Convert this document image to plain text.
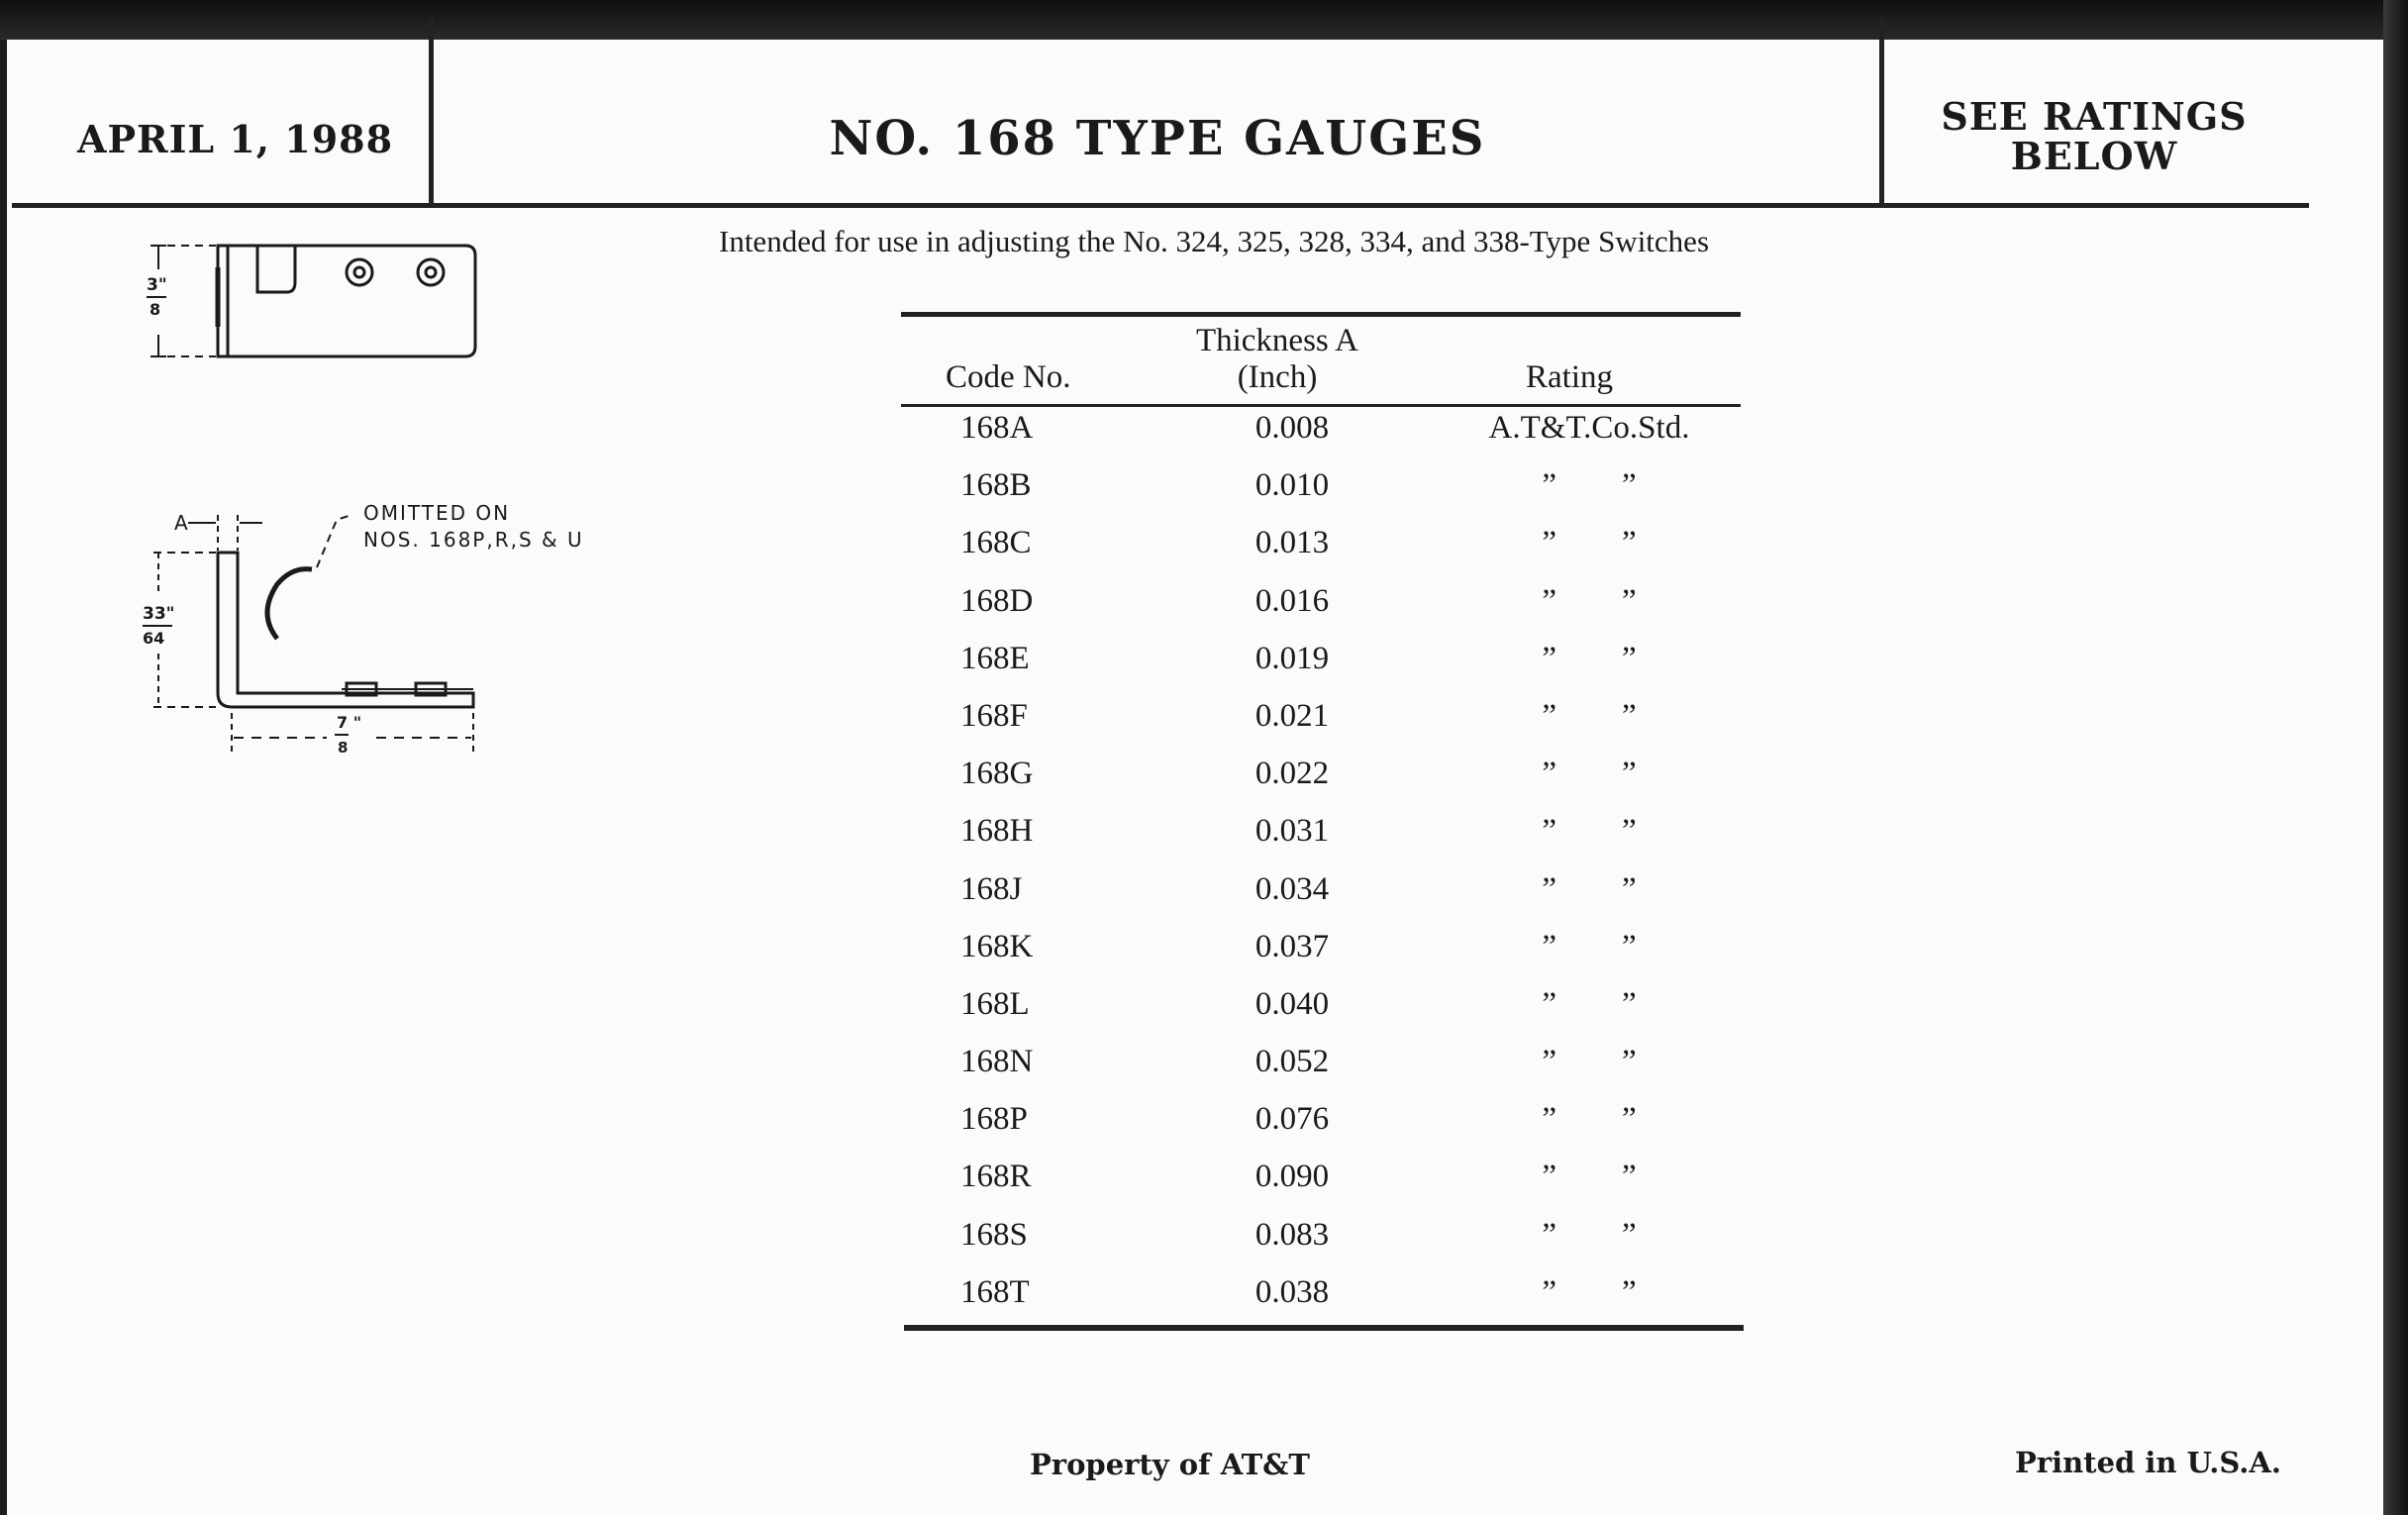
APRIL 1, 1988	NO. 168 TYPE GAUGES	SEE RATINGS
BELOW
Intended for use in adjusting the No. 324, 325, 328, 334, and 338-Type Switches
3"
8
A	OMITTED ON
NOS. 168P,R,S & U
33"
64
7 "
8
Code No.
Thickness A
(Inch)	Rating
168A	0.008	A.T&T.Co.Std.
168B	0.010	”        ”
168C	0.013	”        ”
168D	0.016	”        ”
168E	0.019	”        ”
168F	0.021	”        ”
168G	0.022	”        ”
168H	0.031	”        ”
168J	0.034	”        ”
168K	0.037	”        ”
168L	0.040	”        ”
168N	0.052	”        ”
168P	0.076	”        ”
168R	0.090	”        ”
168S	0.083	”        ”
168T	0.038	”        ”
Property of AT&T	Printed in U.S.A.
